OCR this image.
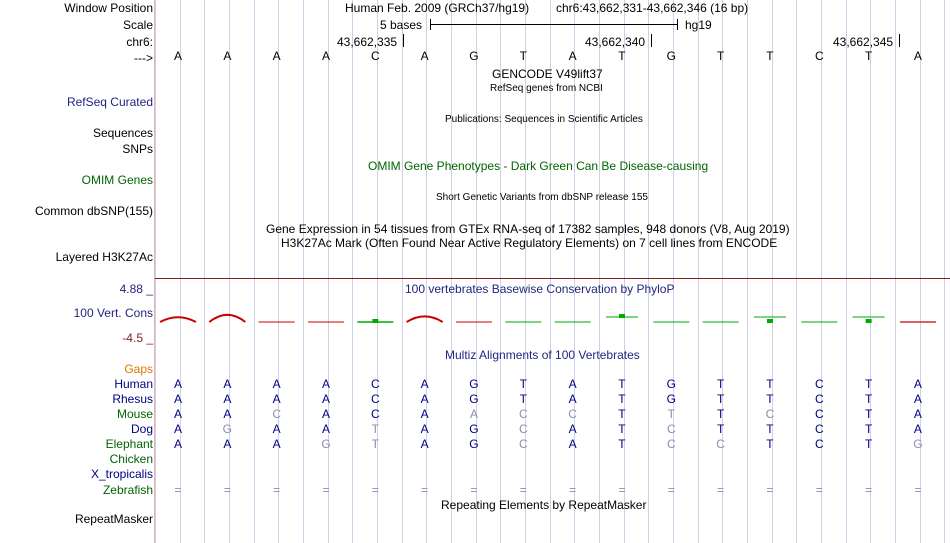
Window Position
Scale
chr6:
--->
RefSeq Curated
Sequences
SNPs
OMIM Genes
Common dbSNP(155)
Layered H3K27Ac
4.88 _
100 Vert. Cons
-4.5 _
Gaps
RepeatMasker
Human Feb. 2009 (GRCh37/hg19) chr6:43,662,331-43,662,346 (16 bp)
5 bases	hg19
43,662,335	43,662,340	43,662,345
A	A	A	A	C	A	G	T	A	T	G	T	T	C	T	A
GENCODE V49lift37
RefSeq genes from NCBI
Publications: Sequences in Scientific Articles
OMIM Gene Phenotypes - Dark Green Can Be Disease-causing
Short Genetic Variants from dbSNP release 155
Gene Expression in 54 tissues from GTEx RNA-seq of 17382 samples, 948 donors (V8, Aug 2019)
H3K27Ac Mark (Often Found Near Active Regulatory Elements) on 7 cell lines from ENCODE
100 vertebrates Basewise Conservation by PhyloP
Multiz Alignments of 100 Vertebrates
Repeating Elements by RepeatMasker
Human	A	A	A	A	C	A	G	T	A	T	G	T	T	C	T	A
Rhesus	A	A	A	A	C	A	G	T	A	T	G	T	T	C	T	A
Mouse	A	A	C	A	C	A	A	C	C	T	T	T	C	C	T	A
Dog	A	G	A	A	T	A	G	C	A	T	C	T	T	C	T	A
Elephant	A	A	A	G	T	A	G	C	A	T	C	C	T	C	T	G
Chicken
X_tropicalis
Zebrafish	=	=	=	=	=	=	=	=	=	=	=	=	=	=	=	=
